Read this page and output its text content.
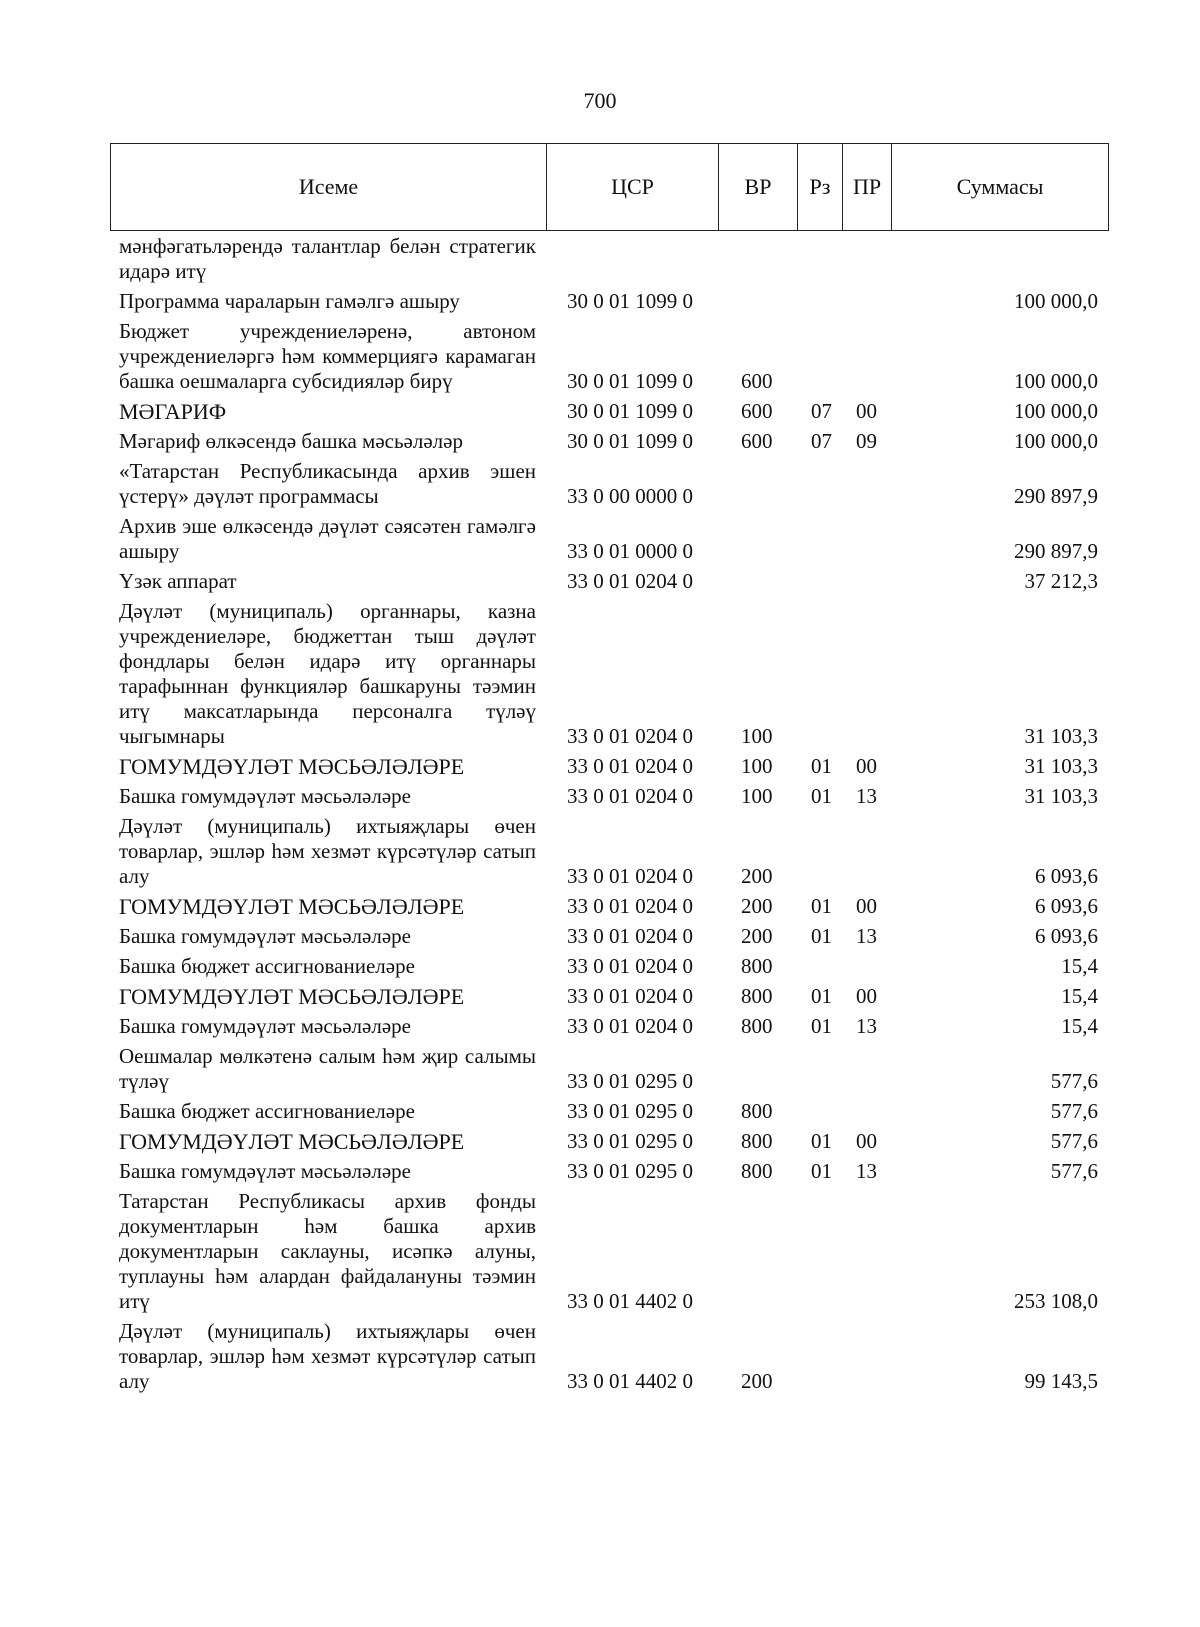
700
Исеме	ЦСР	ВР	Рз	ПР	Суммасы
мәнфәгатьләрендә талантлар белән стратегик идарә итү					
Программа чараларын гамәлгә ашыру	30 0 01 1099 0				100 000,0
Бюджет учреждениеләренә, автоном учреждениеләргә һәм коммерциягә карамаган башка оешмаларга субсидияләр бирү	30 0 01 1099 0	600			100 000,0
МӘГАРИФ	30 0 01 1099 0	600	07	00	100 000,0
Мәгариф өлкәсендә башка мәсьәләләр	30 0 01 1099 0	600	07	09	100 000,0
«Татарстан Республикасында архив эшен үстерү» дәүләт программасы	33 0 00 0000 0				290 897,9
Архив эше өлкәсендә дәүләт сәясәтен гамәлгә ашыру	33 0 01 0000 0				290 897,9
Үзәк аппарат	33 0 01 0204 0				37 212,3
Дәүләт (муниципаль) органнары, казна учреждениеләре, бюджеттан тыш дәүләт фондлары белән идарә итү органнары тарафыннан функцияләр башкаруны тәэмин итү максатларында персоналга түләү чыгымнары	33 0 01 0204 0	100			31 103,3
ГОМУМДӘҮЛӘТ МӘСЬӘЛӘЛӘРЕ	33 0 01 0204 0	100	01	00	31 103,3
Башка гомумдәүләт мәсьәләләре	33 0 01 0204 0	100	01	13	31 103,3
Дәүләт (муниципаль) ихтыяҗлары өчен товарлар, эшләр һәм хезмәт күрсәтүләр сатып алу	33 0 01 0204 0	200			6 093,6
ГОМУМДӘҮЛӘТ МӘСЬӘЛӘЛӘРЕ	33 0 01 0204 0	200	01	00	6 093,6
Башка гомумдәүләт мәсьәләләре	33 0 01 0204 0	200	01	13	6 093,6
Башка бюджет ассигнованиеләре	33 0 01 0204 0	800			15,4
ГОМУМДӘҮЛӘТ МӘСЬӘЛӘЛӘРЕ	33 0 01 0204 0	800	01	00	15,4
Башка гомумдәүләт мәсьәләләре	33 0 01 0204 0	800	01	13	15,4
Оешмалар мөлкәтенә салым һәм җир салымы түләү	33 0 01 0295 0				577,6
Башка бюджет ассигнованиеләре	33 0 01 0295 0	800			577,6
ГОМУМДӘҮЛӘТ МӘСЬӘЛӘЛӘРЕ	33 0 01 0295 0	800	01	00	577,6
Башка гомумдәүләт мәсьәләләре	33 0 01 0295 0	800	01	13	577,6
Татарстан Республикасы архив фонды документларын һәм башка архив документларын саклауны, исәпкә алуны, туплауны һәм алардан файдалануны тәэмин итү	33 0 01 4402 0				253 108,0
Дәүләт (муниципаль) ихтыяҗлары өчен товарлар, эшләр һәм хезмәт күрсәтүләр сатып алу	33 0 01 4402 0	200			99 143,5
